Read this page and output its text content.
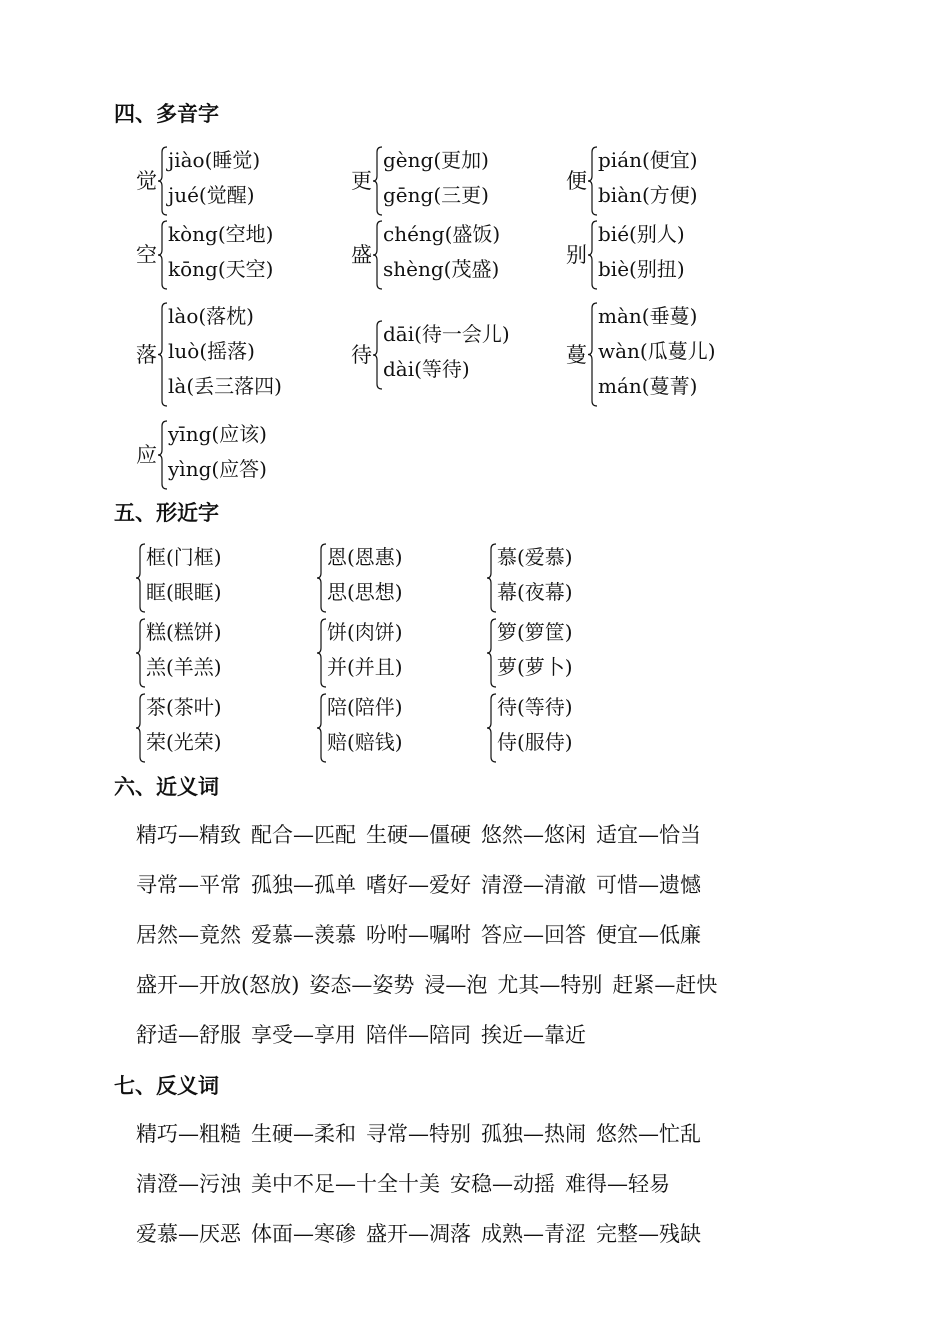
四、多音字
觉
jiào(睡觉)
jué(觉醒)
更
gèng(更加)
gēng(三更)
便
pián(便宜)
biàn(方便)
空
kòng(空地)
kōng(天空)
盛
chéng(盛饭)
shèng(茂盛)
别
bié(别人)
biè(别扭)
落
lào(落枕)
luò(摇落)
là(丢三落四)
待
dāi(待一会儿)
dài(等待)
蔓
màn(垂蔓)
wàn(瓜蔓儿)
mán(蔓菁)
应
yīng(应该)
yìng(应答)
五、形近字
框(门框)
眶(眼眶)
恩(恩惠)
思(思想)
慕(爱慕)
幕(夜幕)
糕(糕饼)
羔(羊羔)
饼(肉饼)
并(并且)
箩(箩筐)
萝(萝卜)
茶(茶叶)
荣(光荣)
陪(陪伴)
赔(赔钱)
待(等待)
侍(服侍)
六、近义词
精巧—精致 配合—匹配 生硬—僵硬 悠然—悠闲 适宜—恰当
寻常—平常 孤独—孤单 嗜好—爱好 清澄—清澈 可惜—遗憾
居然—竟然 爱慕—羡慕 吩咐—嘱咐 答应—回答 便宜—低廉
盛开—开放(怒放) 姿态—姿势 浸—泡 尤其—特别 赶紧—赶快
舒适—舒服 享受—享用 陪伴—陪同 挨近—靠近
七、反义词
精巧—粗糙 生硬—柔和 寻常—特别 孤独—热闹 悠然—忙乱
清澄—污浊 美中不足—十全十美 安稳—动摇 难得—轻易
爱慕—厌恶 体面—寒碜 盛开—凋落 成熟—青涩 完整—残缺
